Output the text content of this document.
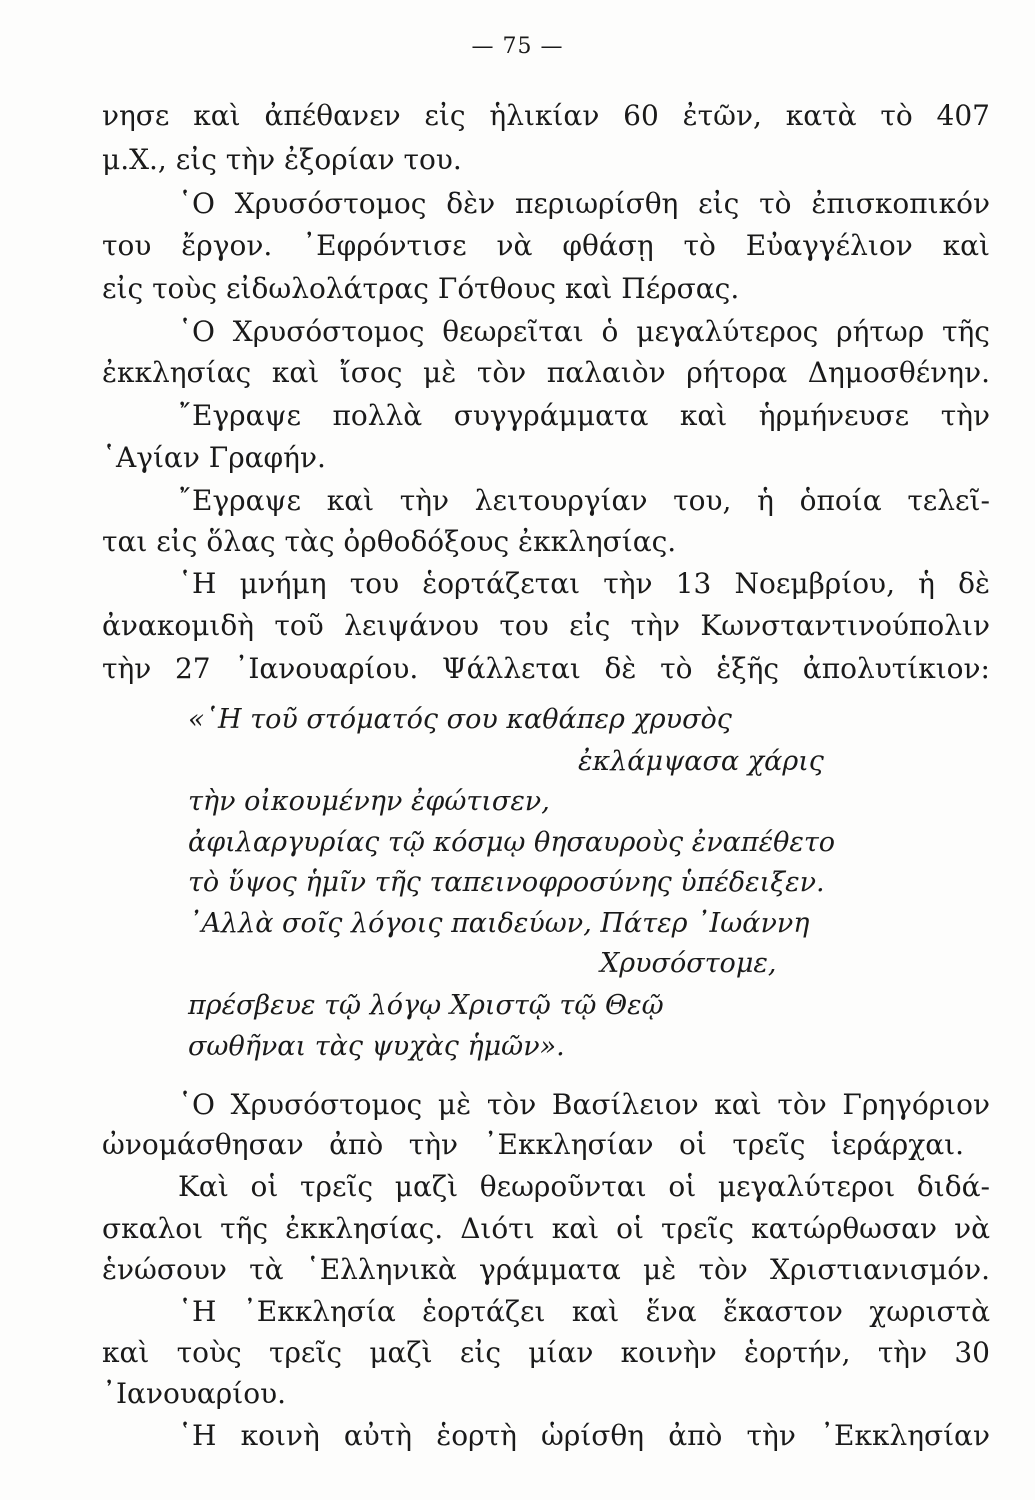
— 75 —
νησε καὶ ἀπέθανεν εἰς ἡλικίαν 60 ἐτῶν, κατὰ τὸ 407
μ.Χ., εἰς τὴν ἐξορίαν του.
῾Ο Χρυσόστομος δὲν περιωρίσθη εἰς τὸ ἐπισκοπικόν
του ἔργον. ᾿Εφρόντισε νὰ φθάσῃ τὸ Εὐαγγέλιον καὶ
εἰς τοὺς εἰδωλολάτρας Γότθους καὶ Πέρσας.
῾Ο Χρυσόστομος θεωρεῖται ὁ μεγαλύτερος ρήτωρ τῆς
ἐκκλησίας καὶ ἴσος μὲ τὸν παλαιὸν ρήτορα Δημοσθένην.
῎Εγραψε πολλὰ συγγράμματα καὶ ἡρμήνευσε τὴν
῾Αγίαν Γραφήν.
῎Εγραψε καὶ τὴν λειτουργίαν του, ἡ ὁποία τελεῖ-
ται εἰς ὅλας τὰς ὀρθοδόξους ἐκκλησίας.
῾Η μνήμη του ἑορτάζεται τὴν 13 Νοεμβρίου, ἡ δὲ
ἀνακομιδὴ τοῦ λειψάνου του εἰς τὴν Κωνσταντινούπολιν
τὴν 27 ᾿Ιανουαρίου. Ψάλλεται δὲ τὸ ἑξῆς ἀπολυτίκιον:
«῾Η τοῦ στόματός σου καθάπερ χρυσὸς
ἐκλάμψασα χάρις
τὴν οἰκουμένην ἐφώτισεν,
ἀφιλαργυρίας τῷ κόσμῳ θησαυροὺς ἐναπέθετο
τὸ ὕψος ἡμῖν τῆς ταπεινοφροσύνης ὑπέδειξεν.
᾿Αλλὰ σοῖς λόγοις παιδεύων, Πάτερ ᾿Ιωάννη
Χρυσόστομε,
πρέσβευε τῷ λόγῳ Χριστῷ τῷ Θεῷ
σωθῆναι τὰς ψυχὰς ἡμῶν».
῾Ο Χρυσόστομος μὲ τὸν Βασίλειον καὶ τὸν Γρηγόριον
ὠνομάσθησαν ἀπὸ τὴν ᾿Εκκλησίαν οἱ τρεῖς ἱεράρχαι.
Καὶ οἱ τρεῖς μαζὶ θεωροῦνται οἱ μεγαλύτεροι διδά-
σκαλοι τῆς ἐκκλησίας. Διότι καὶ οἱ τρεῖς κατώρθωσαν νὰ
ἑνώσουν τὰ ῾Ελληνικὰ γράμματα μὲ τὸν Χριστιανισμόν.
῾Η ᾿Εκκλησία ἑορτάζει καὶ ἕνα ἕκαστον χωριστὰ
καὶ τοὺς τρεῖς μαζὶ εἰς μίαν κοινὴν ἑορτήν, τὴν 30
᾿Ιανουαρίου.
῾Η κοινὴ αὐτὴ ἑορτὴ ὡρίσθη ἀπὸ τὴν ᾿Εκκλησίαν
